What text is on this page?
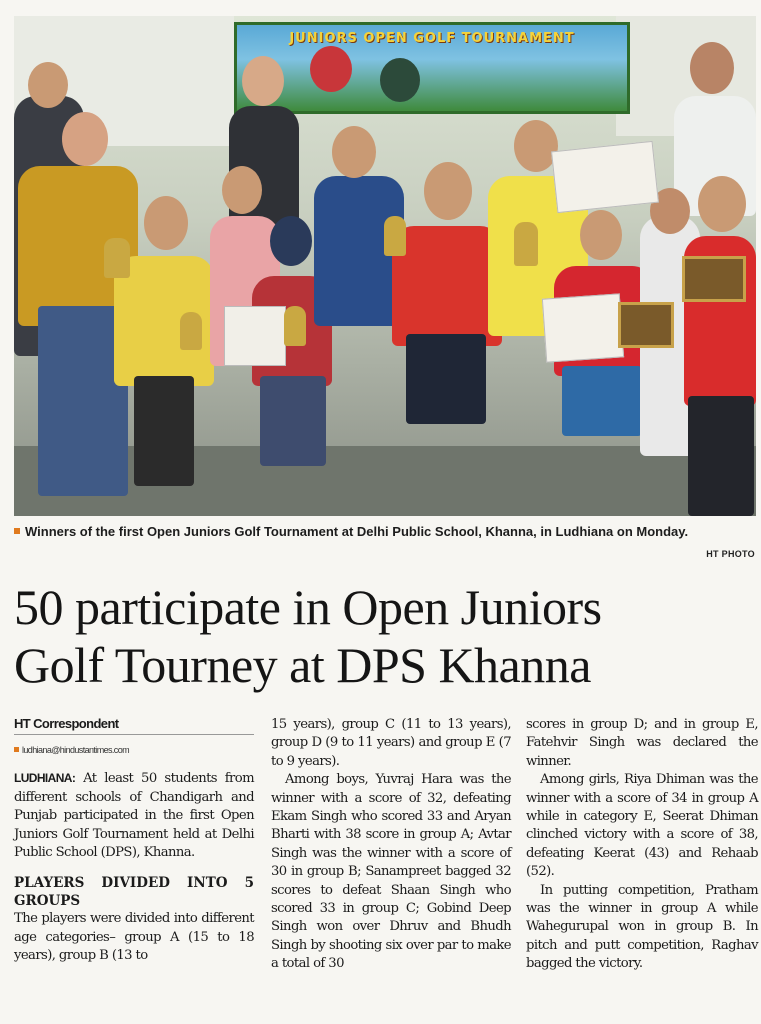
JUNIORS OPEN GOLF TOURNAMENT
Winners of the first Open Juniors Golf Tournament at Delhi Public School, Khanna, in Ludhiana on Monday.
HT PHOTO
50 participate in Open Juniors
Golf Tourney at DPS Khanna
HT Correspondent
ludhiana@hindustantimes.com

LUDHIANA: At least 50 students from different schools of Chandigarh and Punjab participated in the first Open Juniors Golf Tournament held at Delhi Public School (DPS), Khanna.

PLAYERS DIVIDED INTO 5 GROUPS

The players were divided into different age categories– group A (15 to 18 years), group B (13 to

15 years), group C (11 to 13 years), group D (9 to 11 years) and group E (7 to 9 years).

Among boys, Yuvraj Hara was the winner with a score of 32, defeating Ekam Singh who scored 33 and Aryan Bharti with 38 score in group A; Avtar Singh was the winner with a score of 30 in group B; Sanampreet bagged 32 scores to defeat Shaan Singh who scored 33 in group C; Gobind Deep Singh won over Dhruv and Bhudh Singh by shooting six over par to make a total of 30

scores in group D; and in group E, Fatehvir Singh was declared the winner.

Among girls, Riya Dhiman was the winner with a score of 34 in group A while in category E, Seerat Dhiman clinched victory with a score of 38, defeating Keerat (43) and Rehaab (52).

In putting competition, Pratham was the winner in group A while Wahegurupal won in group B. In pitch and putt competition, Raghav bagged the victory.
